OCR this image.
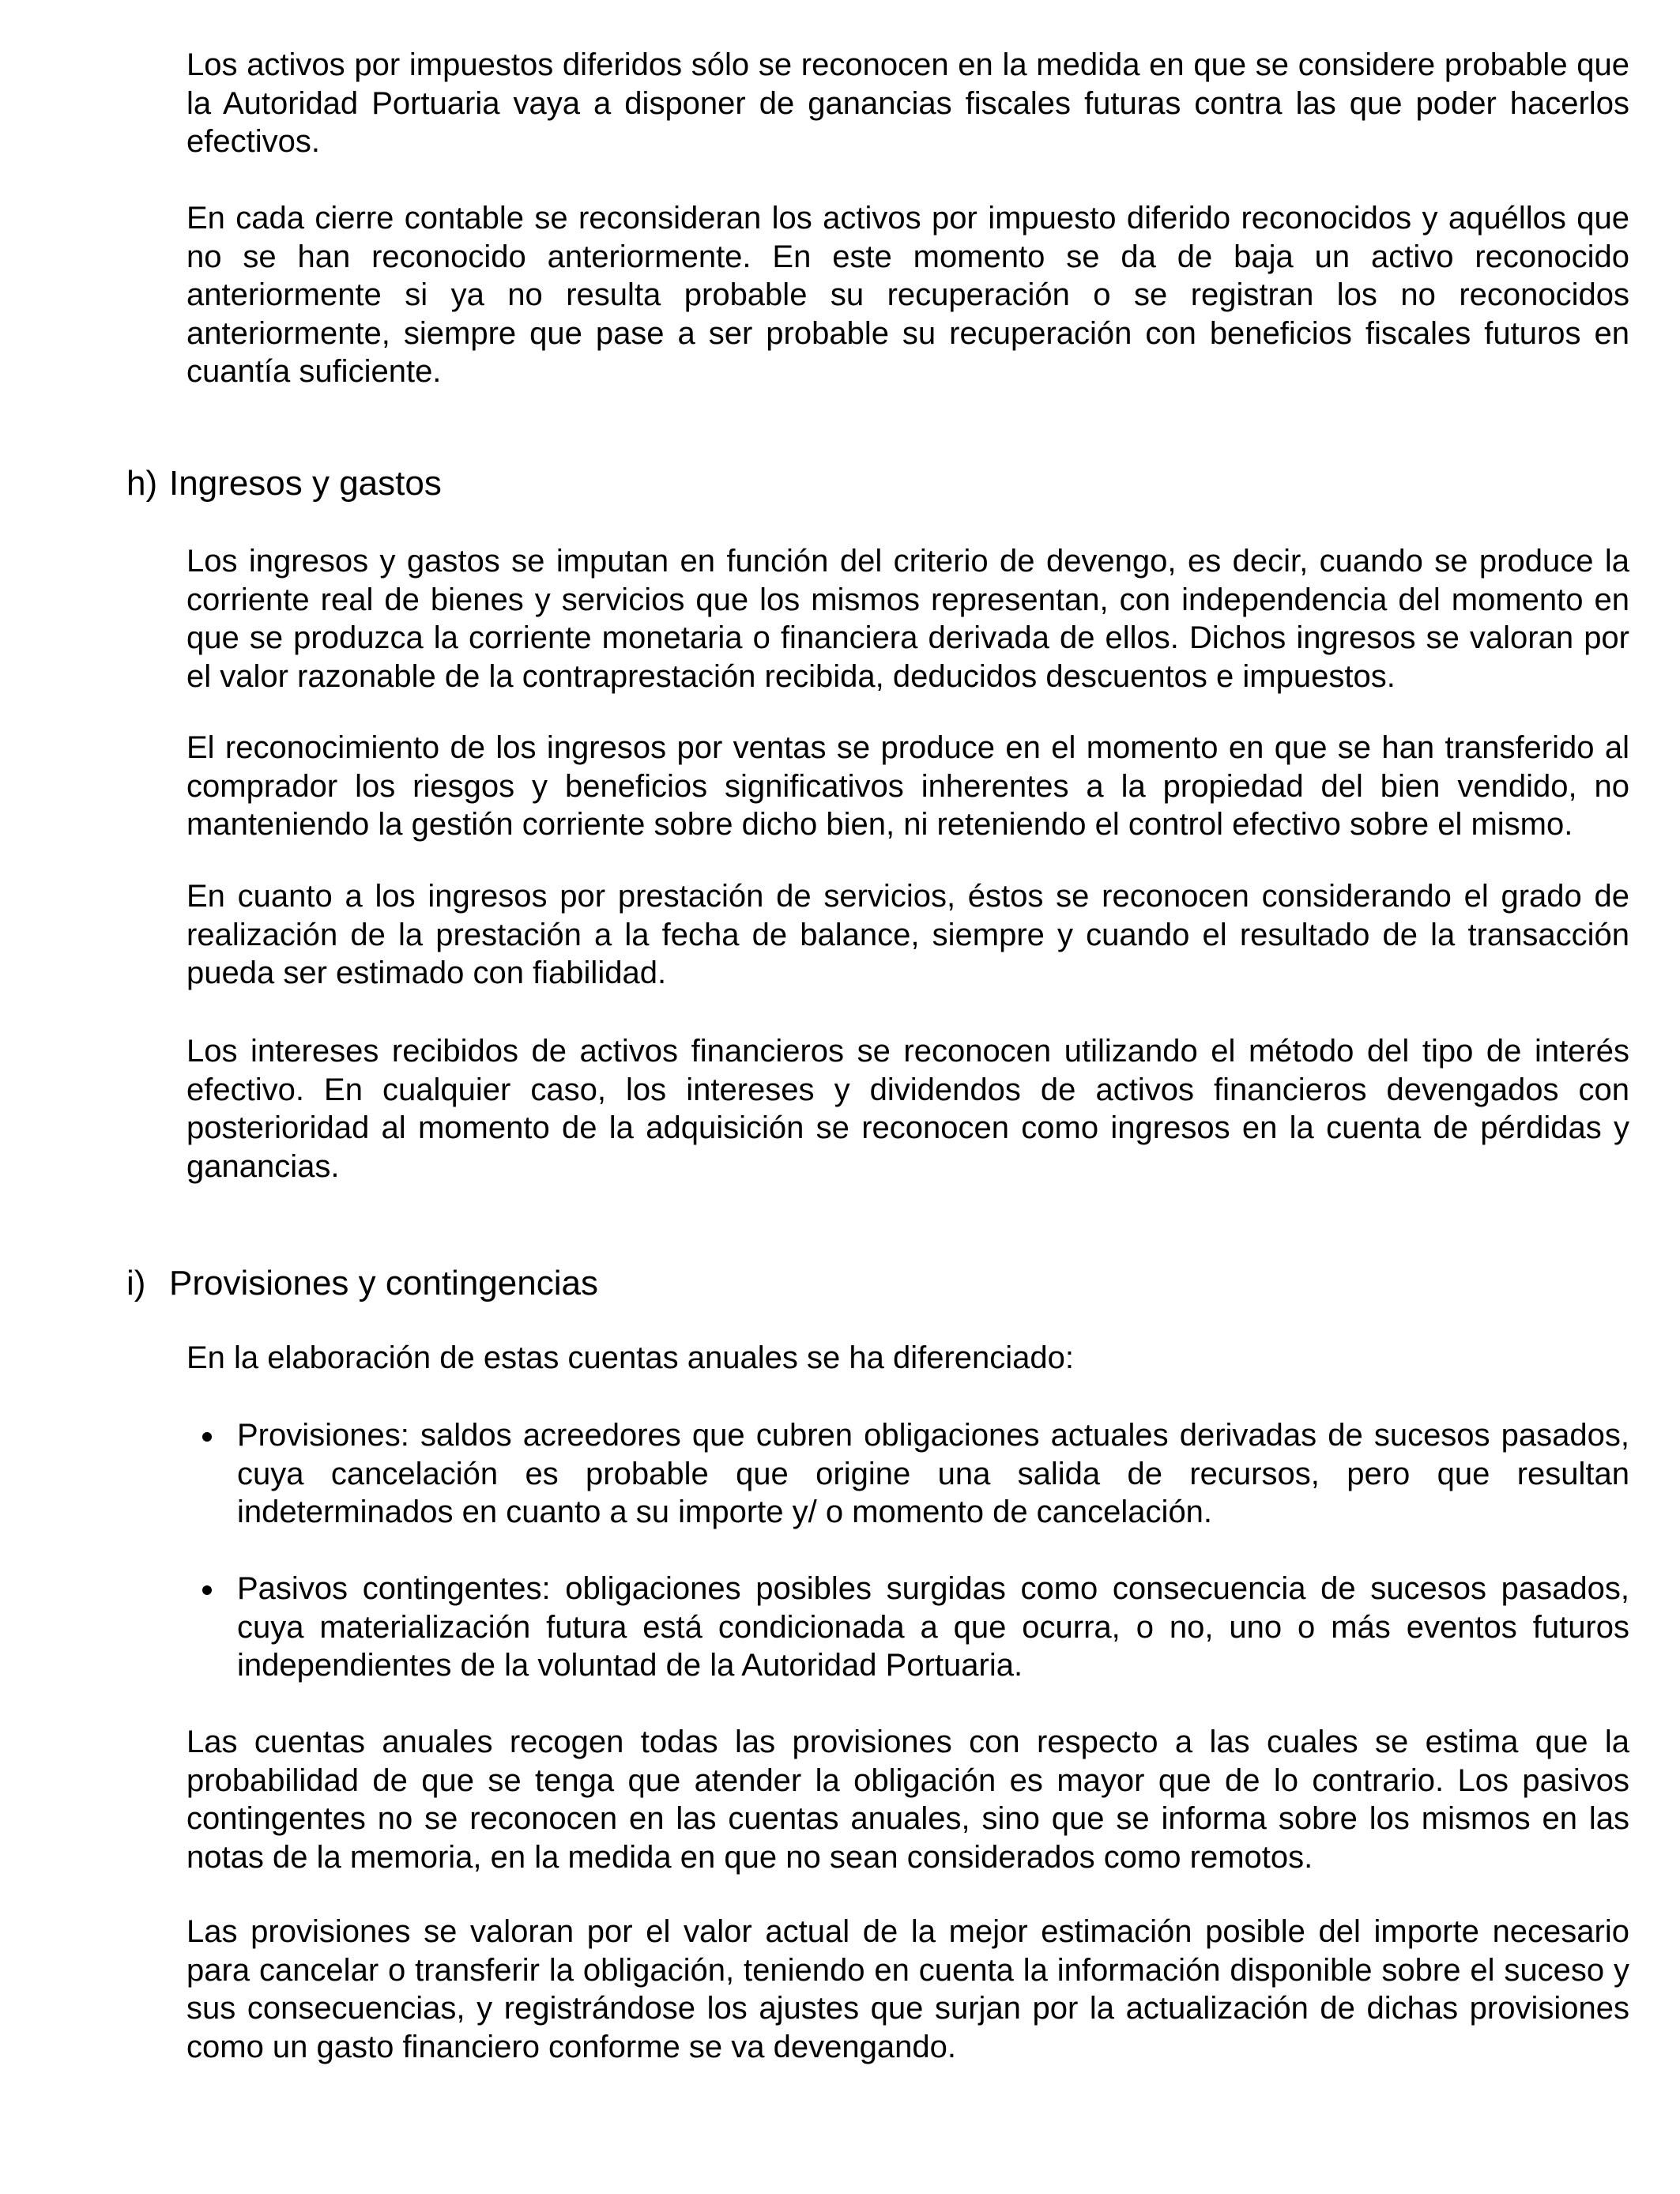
Los activos por impuestos diferidos sólo se reconocen en la medida en que se considere probable que la Autoridad Portuaria vaya a disponer de ganancias fiscales futuras contra las que poder hacerlos efectivos.

En cada cierre contable se reconsideran los activos por impuesto diferido reconocidos y aquéllos que no se han reconocido anteriormente. En este momento se da de baja un activo reconocido anteriormente si ya no resulta probable su recuperación o se registran los no reconocidos anteriormente, siempre que pase a ser probable su recuperación con beneficios fiscales futuros en cuantía suficiente.

h) Ingresos y gastos

Los ingresos y gastos se imputan en función del criterio de devengo, es decir, cuando se produce la corriente real de bienes y servicios que los mismos representan, con independencia del momento en que se produzca la corriente monetaria o financiera derivada de ellos. Dichos ingresos se valoran por el valor razonable de la contraprestación recibida, deducidos descuentos e impuestos.

El reconocimiento de los ingresos por ventas se produce en el momento en que se han transferido al comprador los riesgos y beneficios significativos inherentes a la propiedad del bien vendido, no manteniendo la gestión corriente sobre dicho bien, ni reteniendo el control efectivo sobre el mismo.

En cuanto a los ingresos por prestación de servicios, éstos se reconocen considerando el grado de realización de la prestación a la fecha de balance, siempre y cuando el resultado de la transacción pueda ser estimado con fiabilidad.

Los intereses recibidos de activos financieros se reconocen utilizando el método del tipo de interés efectivo. En cualquier caso, los intereses y dividendos de activos financieros devengados con posterioridad al momento de la adquisición se reconocen como ingresos en la cuenta de pérdidas y ganancias.

i) Provisiones y contingencias

En la elaboración de estas cuentas anuales se ha diferenciado:

Provisiones: saldos acreedores que cubren obligaciones actuales derivadas de sucesos pasados, cuya cancelación es probable que origine una salida de recursos, pero que resultan indeterminados en cuanto a su importe y/ o momento de cancelación.
Pasivos contingentes: obligaciones posibles surgidas como consecuencia de sucesos pasados, cuya materialización futura está condicionada a que ocurra, o no, uno o más eventos futuros independientes de la voluntad de la Autoridad Portuaria.

Las cuentas anuales recogen todas las provisiones con respecto a las cuales se estima que la probabilidad de que se tenga que atender la obligación es mayor que de lo contrario. Los pasivos contingentes no se reconocen en las cuentas anuales, sino que se informa sobre los mismos en las notas de la memoria, en la medida en que no sean considerados como remotos.

Las provisiones se valoran por el valor actual de la mejor estimación posible del importe necesario para cancelar o transferir la obligación, teniendo en cuenta la información disponible sobre el suceso y sus consecuencias, y registrándose los ajustes que surjan por la actualización de dichas provisiones como un gasto financiero conforme se va devengando.
